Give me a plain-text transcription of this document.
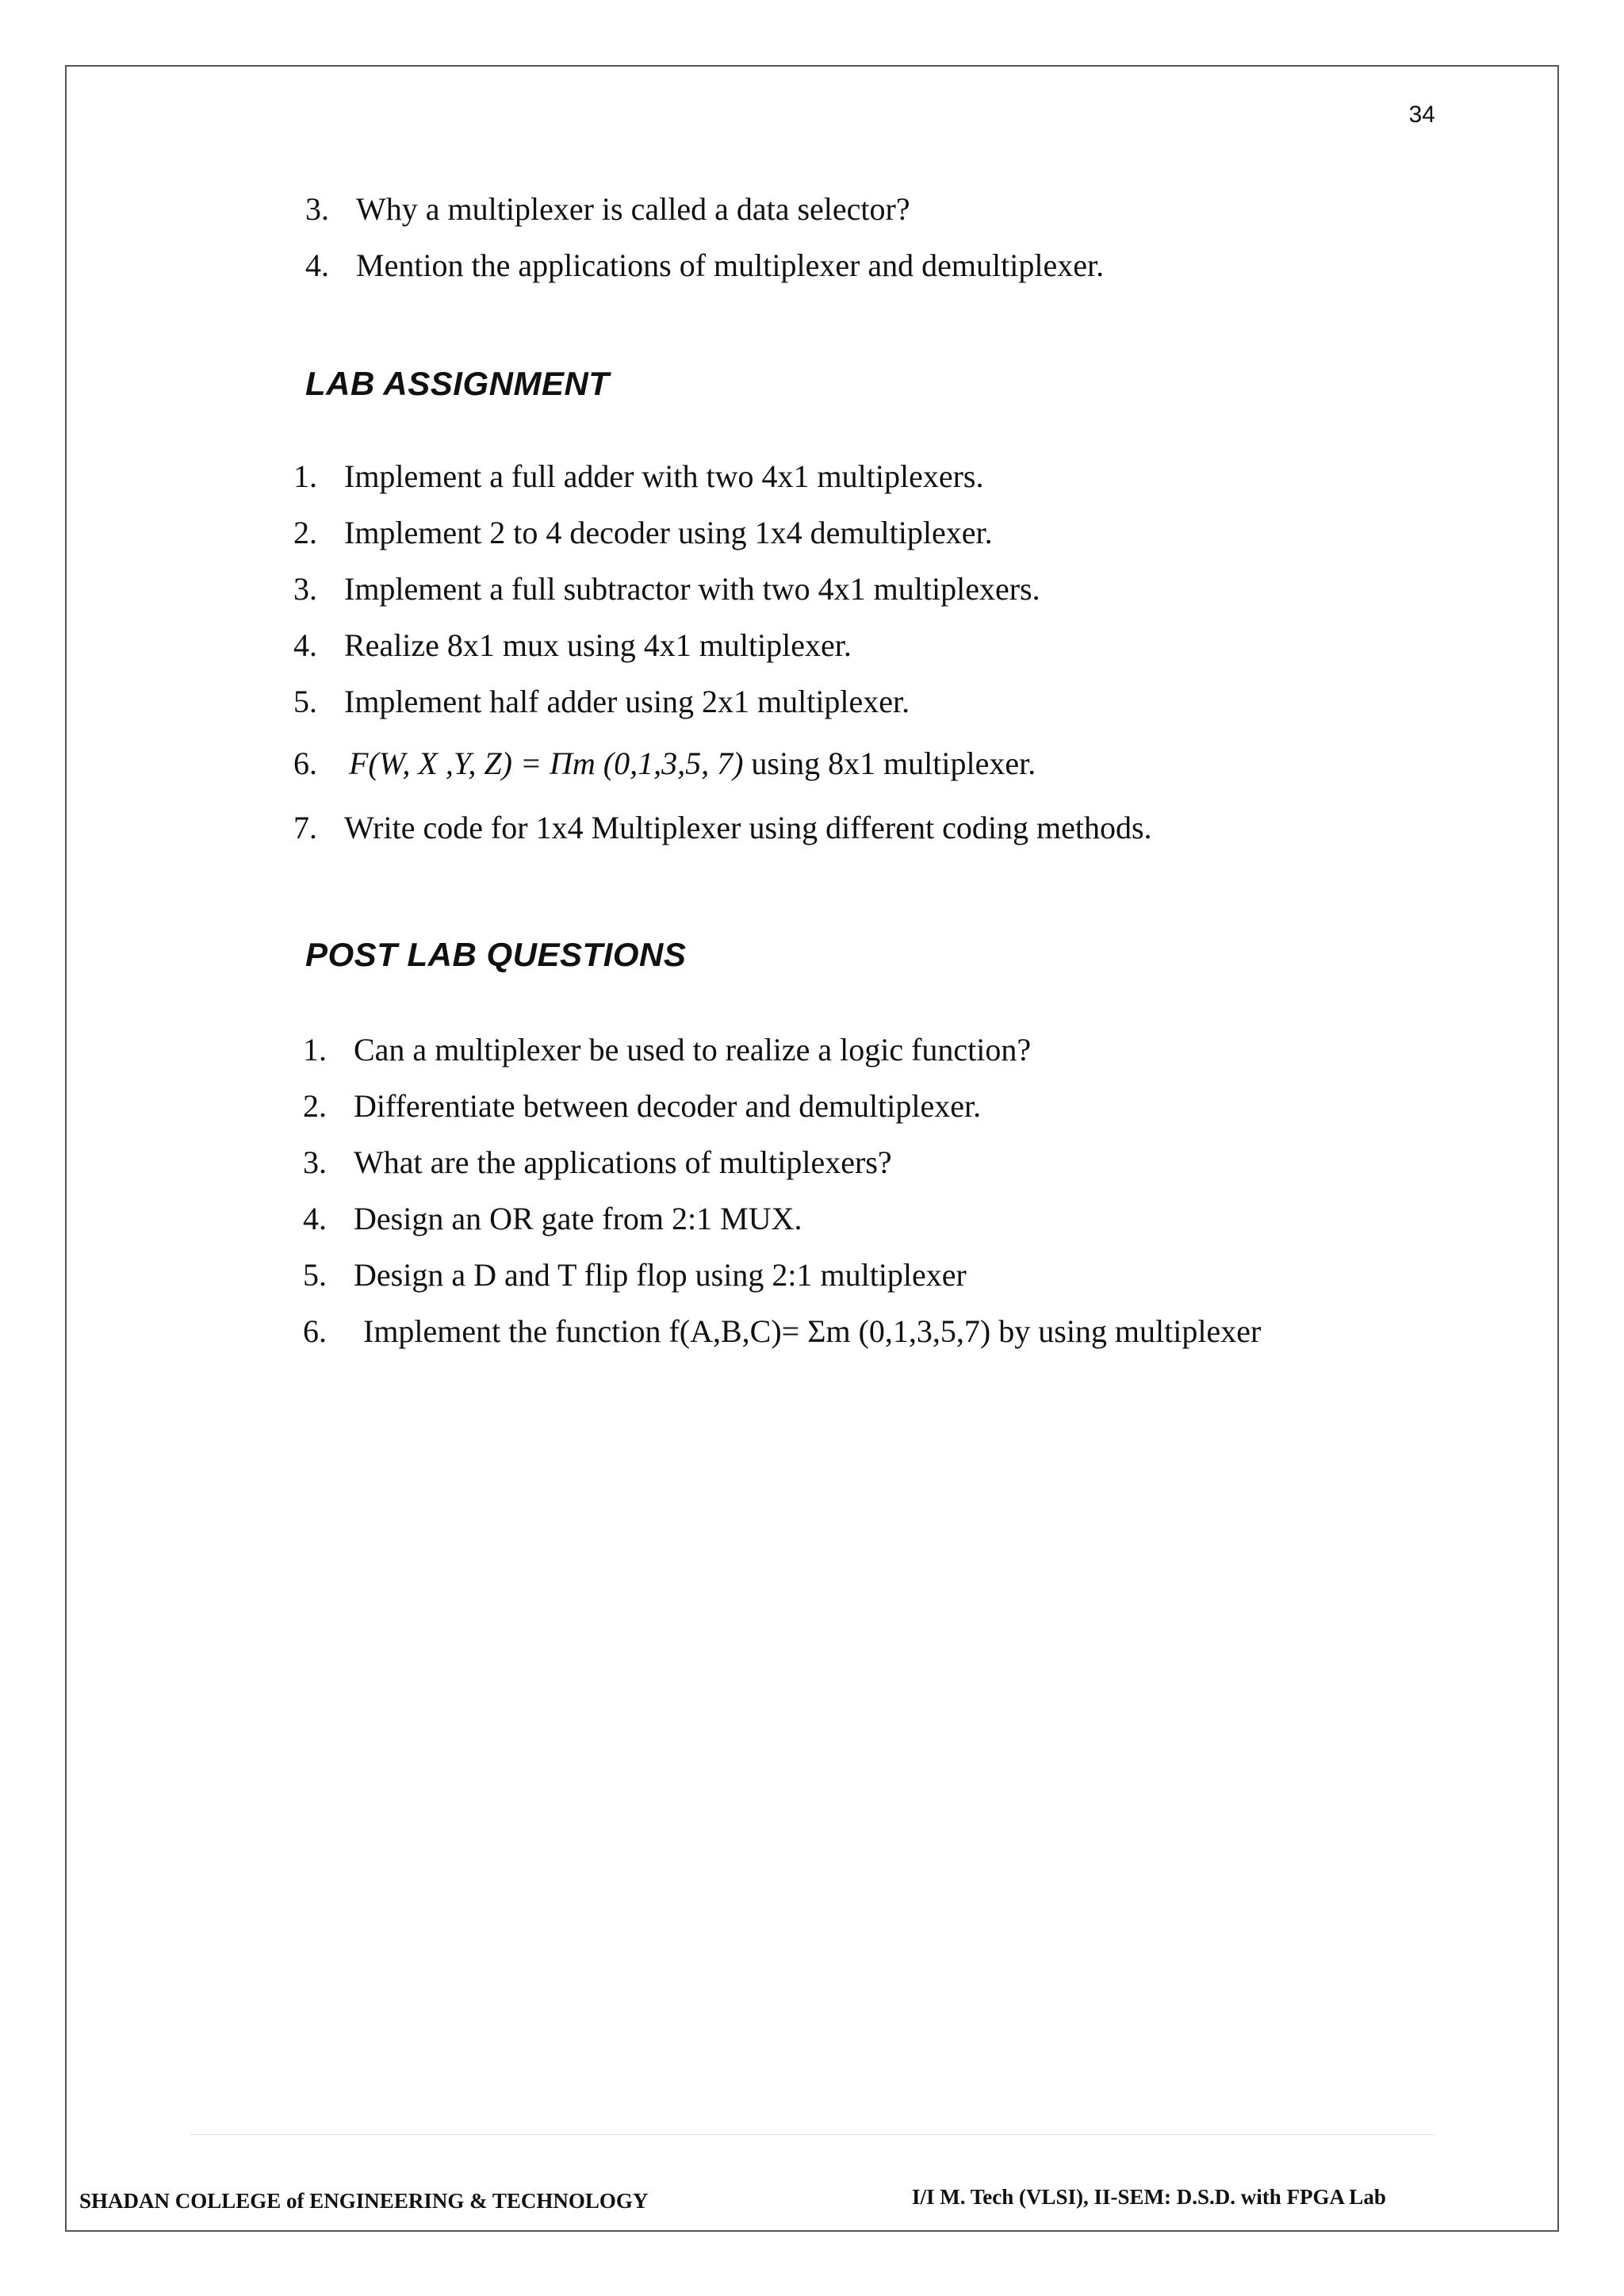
34
3. Why a multiplexer is called a data selector?
4. Mention the applications of multiplexer and demultiplexer.
LAB ASSIGNMENT
1. Implement a full adder with two 4x1 multiplexers.
2. Implement 2 to 4 decoder using 1x4 demultiplexer.
3. Implement a full subtractor with two 4x1 multiplexers.
4. Realize 8x1 mux using 4x1 multiplexer.
5. Implement half adder using 2x1 multiplexer.
6. F(W, X ,Y, Z) = Πm (0,1,3,5, 7) using 8x1 multiplexer.
7. Write code for 1x4 Multiplexer using different coding methods.
POST LAB QUESTIONS
1. Can a multiplexer be used to realize a logic function?
2. Differentiate between decoder and demultiplexer.
3. What are the applications of multiplexers?
4. Design an OR gate from 2:1 MUX.
5. Design a D and T flip flop using 2:1 multiplexer
6. Implement the function f(A,B,C)= Σm (0,1,3,5,7) by using multiplexer
SHADAN COLLEGE of ENGINEERING & TECHNOLOGY	I/I M. Tech (VLSI), II-SEM: D.S.D. with FPGA Lab
